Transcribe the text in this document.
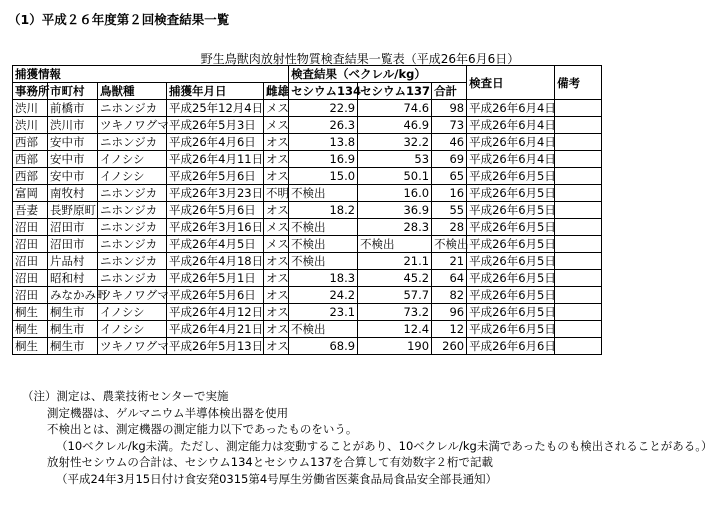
（1）平成２６年度第２回検査結果一覧
野生鳥獣肉放射性物質検査結果一覧表（平成26年6月6日）
捕獲情報					検査結果（ベクレル/kg）			検査日	備考
事務所	市町村	鳥獣種	捕獲年月日	雌雄	セシウム134	セシウム137	合計		
渋川	前橋市	ニホンジカ	平成25年12月4日	メス	22.9	74.6	98	平成26年6月4日	
渋川	渋川市	ツキノワグマ	平成26年5月3日	メス	26.3	46.9	73	平成26年6月4日	
西部	安中市	ニホンジカ	平成26年4月6日	オス	13.8	32.2	46	平成26年6月4日	
西部	安中市	イノシシ	平成26年4月11日	オス	16.9	53	69	平成26年6月4日	
西部	安中市	イノシシ	平成26年5月6日	オス	15.0	50.1	65	平成26年6月5日	
富岡	南牧村	ニホンジカ	平成26年3月23日	不明	不検出	16.0	16	平成26年6月5日	
吾妻	長野原町	ニホンジカ	平成26年5月6日	オス	18.2	36.9	55	平成26年6月5日	
沼田	沼田市	ニホンジカ	平成26年3月16日	メス	不検出	28.3	28	平成26年6月5日	
沼田	沼田市	ニホンジカ	平成26年4月5日	メス	不検出	不検出	不検出	平成26年6月5日	
沼田	片品村	ニホンジカ	平成26年4月18日	オス	不検出	21.1	21	平成26年6月5日	
沼田	昭和村	ニホンジカ	平成26年5月1日	オス	18.3	45.2	64	平成26年6月5日	
沼田	みなかみ町	ツキノワグマ	平成26年5月6日	オス	24.2	57.7	82	平成26年6月5日	
桐生	桐生市	イノシシ	平成26年4月12日	オス	23.1	73.2	96	平成26年6月5日	
桐生	桐生市	イノシシ	平成26年4月21日	オス	不検出	12.4	12	平成26年6月5日	
桐生	桐生市	ツキノワグマ	平成26年5月13日	オス	68.9	190	260	平成26年6月6日	
（注）測定は、農業技術センターで実施
測定機器は、ゲルマニウム半導体検出器を使用
不検出とは、測定機器の測定能力以下であったものをいう。
（10ベクレル/kg未満。ただし、測定能力は変動することがあり、10ベクレル/kg未満であったものも検出されることがある。）
放射性セシウムの合計は、セシウム134とセシウム137を合算して有効数字２桁で記載
（平成24年3月15日付け食安発0315第4号厚生労働省医薬食品局食品安全部長通知）
